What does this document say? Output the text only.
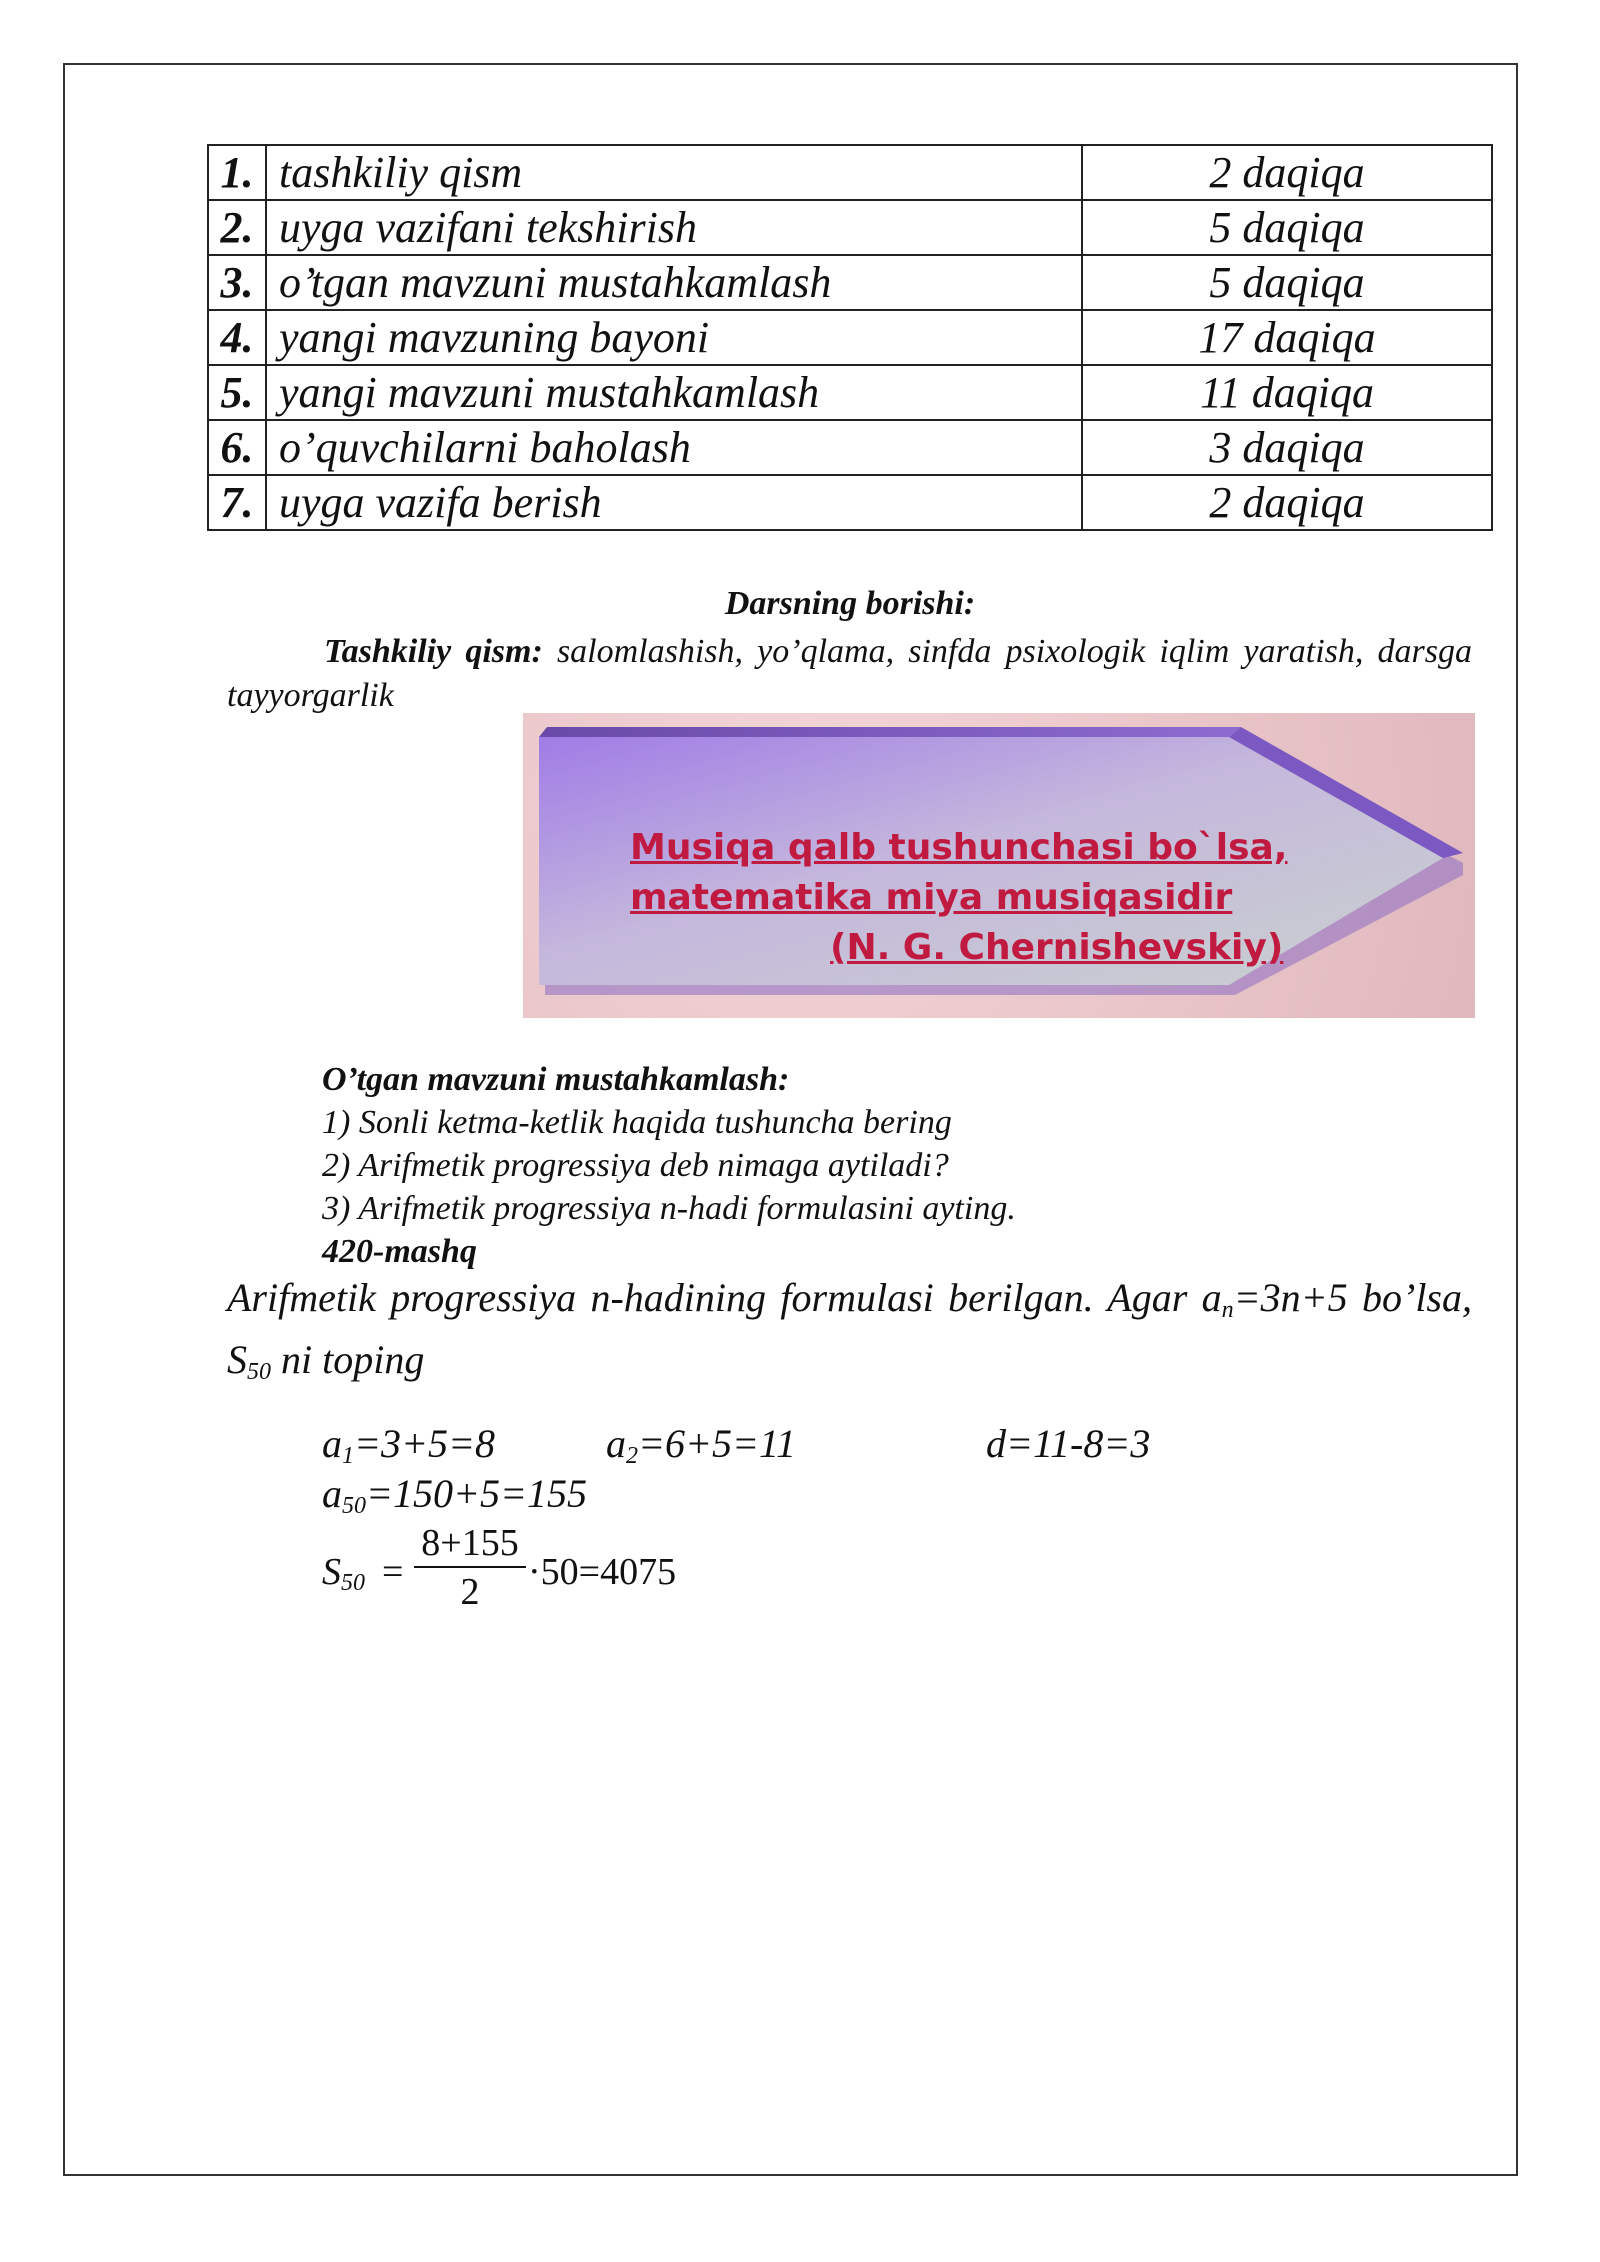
1.	tashkiliy qism	2 daqiqa
2.	uyga vazifani tekshirish	5 daqiqa
3.	o’tgan mavzuni mustahkamlash	5 daqiqa
4.	yangi mavzuning bayoni	17 daqiqa
5.	yangi mavzuni mustahkamlash	11 daqiqa
6.	o’quvchilarni baholash	3 daqiqa
7.	uyga vazifa berish	2 daqiqa
Darsning borishi:
Tashkiliy qism: salomlashish, yo’qlama, sinfda psixologik iqlim yaratish, darsga tayyorgarlik
Musiqa qalb tushunchasi bo`lsa,
matematika miya musiqasidir
(N. G. Chernishevskiy)
O’tgan mavzuni mustahkamlash:
1) Sonli ketma-ketlik haqida tushuncha bering
2) Arifmetik progressiya deb nimaga aytiladi?
3) Arifmetik progressiya n-hadi formulasini ayting.
420-mashq
Arifmetik progressiya n-hadining formulasi berilgan. Agar $a_n=3n+5$ bo’lsa, $S_{50}$ ni toping
$a_1=3+5=8$	$a_2=6+5=11$	d=11-8=3
$a_{50}=150+5=155$
$S_{50} = \frac{8+155}{2} \cdot 50=4075$
